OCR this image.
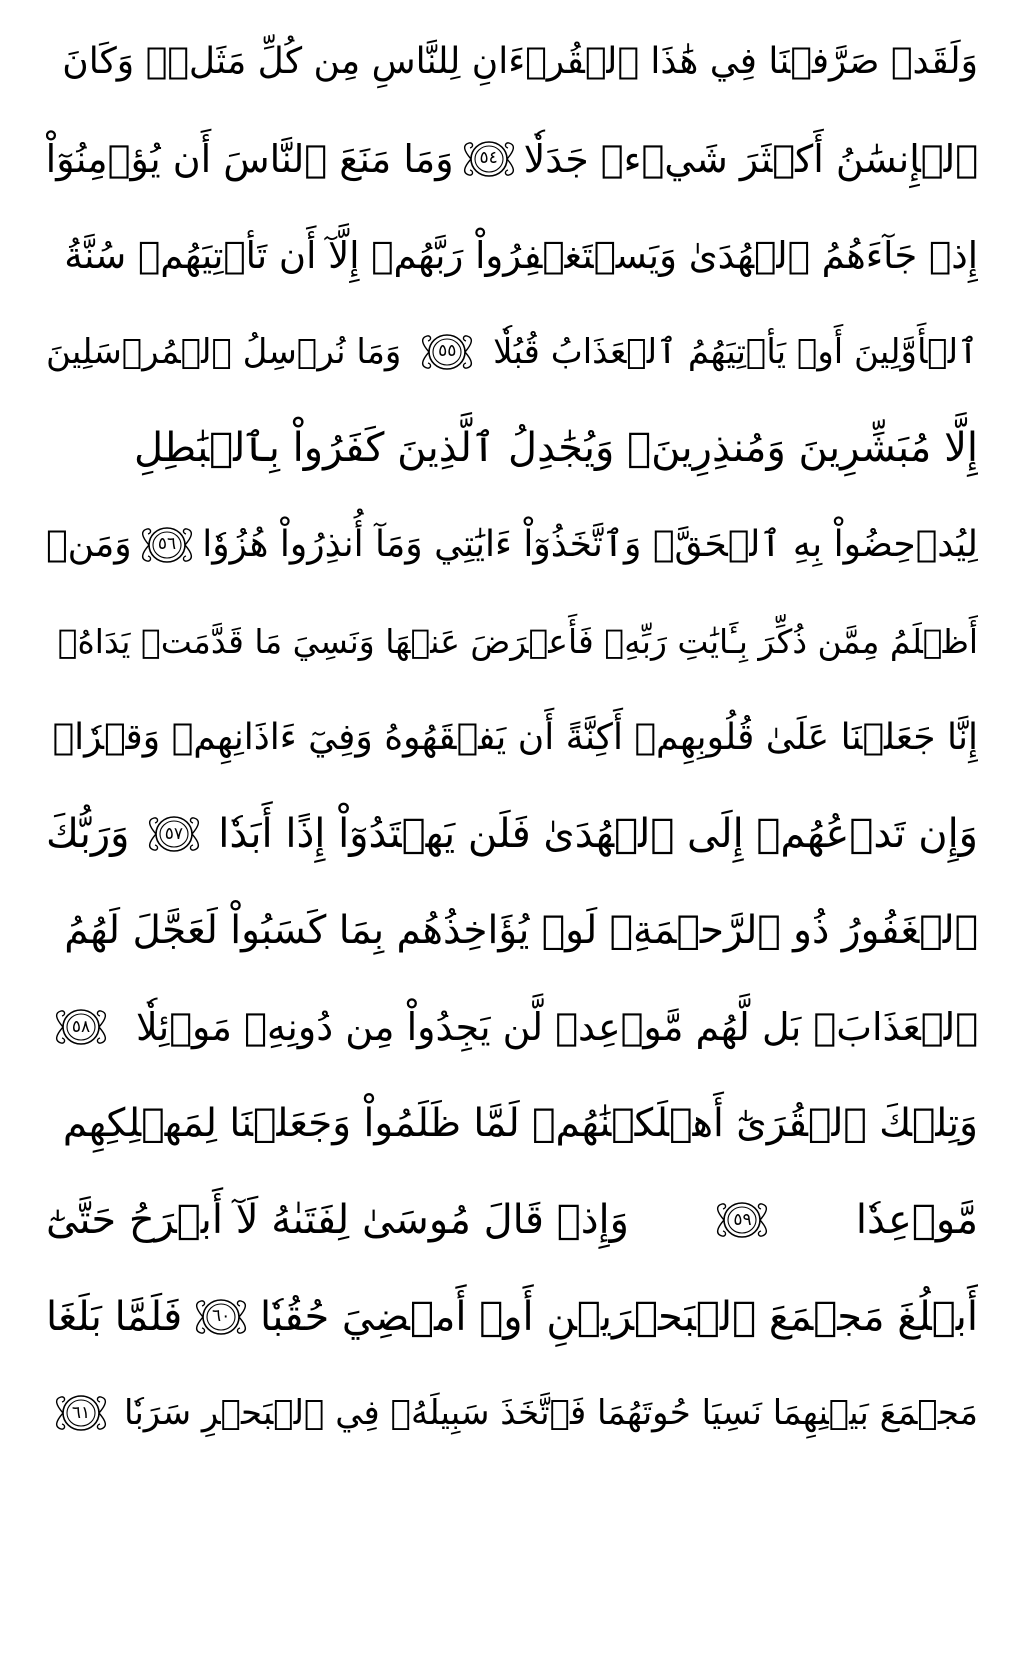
وَلَقَدۡ صَرَّفۡنَا فِي هَٰذَا ٱلۡقُرۡءَانِ لِلنَّاسِ مِن كُلِّ مَثَلٖۚ وَكَانَ
ٱلۡإِنسَٰنُ أَكۡثَرَ شَيۡءٖ جَدَلٗا
٥٤
وَمَا مَنَعَ ٱلنَّاسَ أَن يُؤۡمِنُوٓاْ
إِذۡ جَآءَهُمُ ٱلۡهُدَىٰ وَيَسۡتَغۡفِرُواْ رَبَّهُمۡ إِلَّآ أَن تَأۡتِيَهُمۡ سُنَّةُ
ٱلۡأَوَّلِينَ أَوۡ يَأۡتِيَهُمُ ٱلۡعَذَابُ قُبُلٗا
٥٥
وَمَا نُرۡسِلُ ٱلۡمُرۡسَلِينَ
إِلَّا مُبَشِّرِينَ وَمُنذِرِينَۚ وَيُجَٰدِلُ ٱلَّذِينَ كَفَرُواْ بِٱلۡبَٰطِلِ
لِيُدۡحِضُواْ بِهِ ٱلۡحَقَّۖ وَٱتَّخَذُوٓاْ ءَايَٰتِي وَمَآ أُنذِرُواْ هُزُوٗا
٥٦
وَمَنۡ
أَظۡلَمُ مِمَّن ذُكِّرَ بِـَٔايَٰتِ رَبِّهِۦ فَأَعۡرَضَ عَنۡهَا وَنَسِيَ مَا قَدَّمَتۡ يَدَاهُۚ
إِنَّا جَعَلۡنَا عَلَىٰ قُلُوبِهِمۡ أَكِنَّةً أَن يَفۡقَهُوهُ وَفِيٓ ءَاذَانِهِمۡ وَقۡرٗاۖ
وَإِن تَدۡعُهُمۡ إِلَى ٱلۡهُدَىٰ فَلَن يَهۡتَدُوٓاْ إِذًا أَبَدٗا
٥٧
وَرَبُّكَ
ٱلۡغَفُورُ ذُو ٱلرَّحۡمَةِۖ لَوۡ يُؤَاخِذُهُم بِمَا كَسَبُواْ لَعَجَّلَ لَهُمُ
ٱلۡعَذَابَۚ بَل لَّهُم مَّوۡعِدٞ لَّن يَجِدُواْ مِن دُونِهِۦ مَوۡئِلٗا
٥٨
وَتِلۡكَ ٱلۡقُرَىٰٓ أَهۡلَكۡنَٰهُمۡ لَمَّا ظَلَمُواْ وَجَعَلۡنَا لِمَهۡلِكِهِم
مَّوۡعِدٗا
٥٩
وَإِذۡ قَالَ مُوسَىٰ لِفَتَىٰهُ لَآ أَبۡرَحُ حَتَّىٰٓ
أَبۡلُغَ مَجۡمَعَ ٱلۡبَحۡرَيۡنِ أَوۡ أَمۡضِيَ حُقُبٗا
٦٠
فَلَمَّا بَلَغَا
مَجۡمَعَ بَيۡنِهِمَا نَسِيَا حُوتَهُمَا فَٱتَّخَذَ سَبِيلَهُۥ فِي ٱلۡبَحۡرِ سَرَبٗا
٦١
